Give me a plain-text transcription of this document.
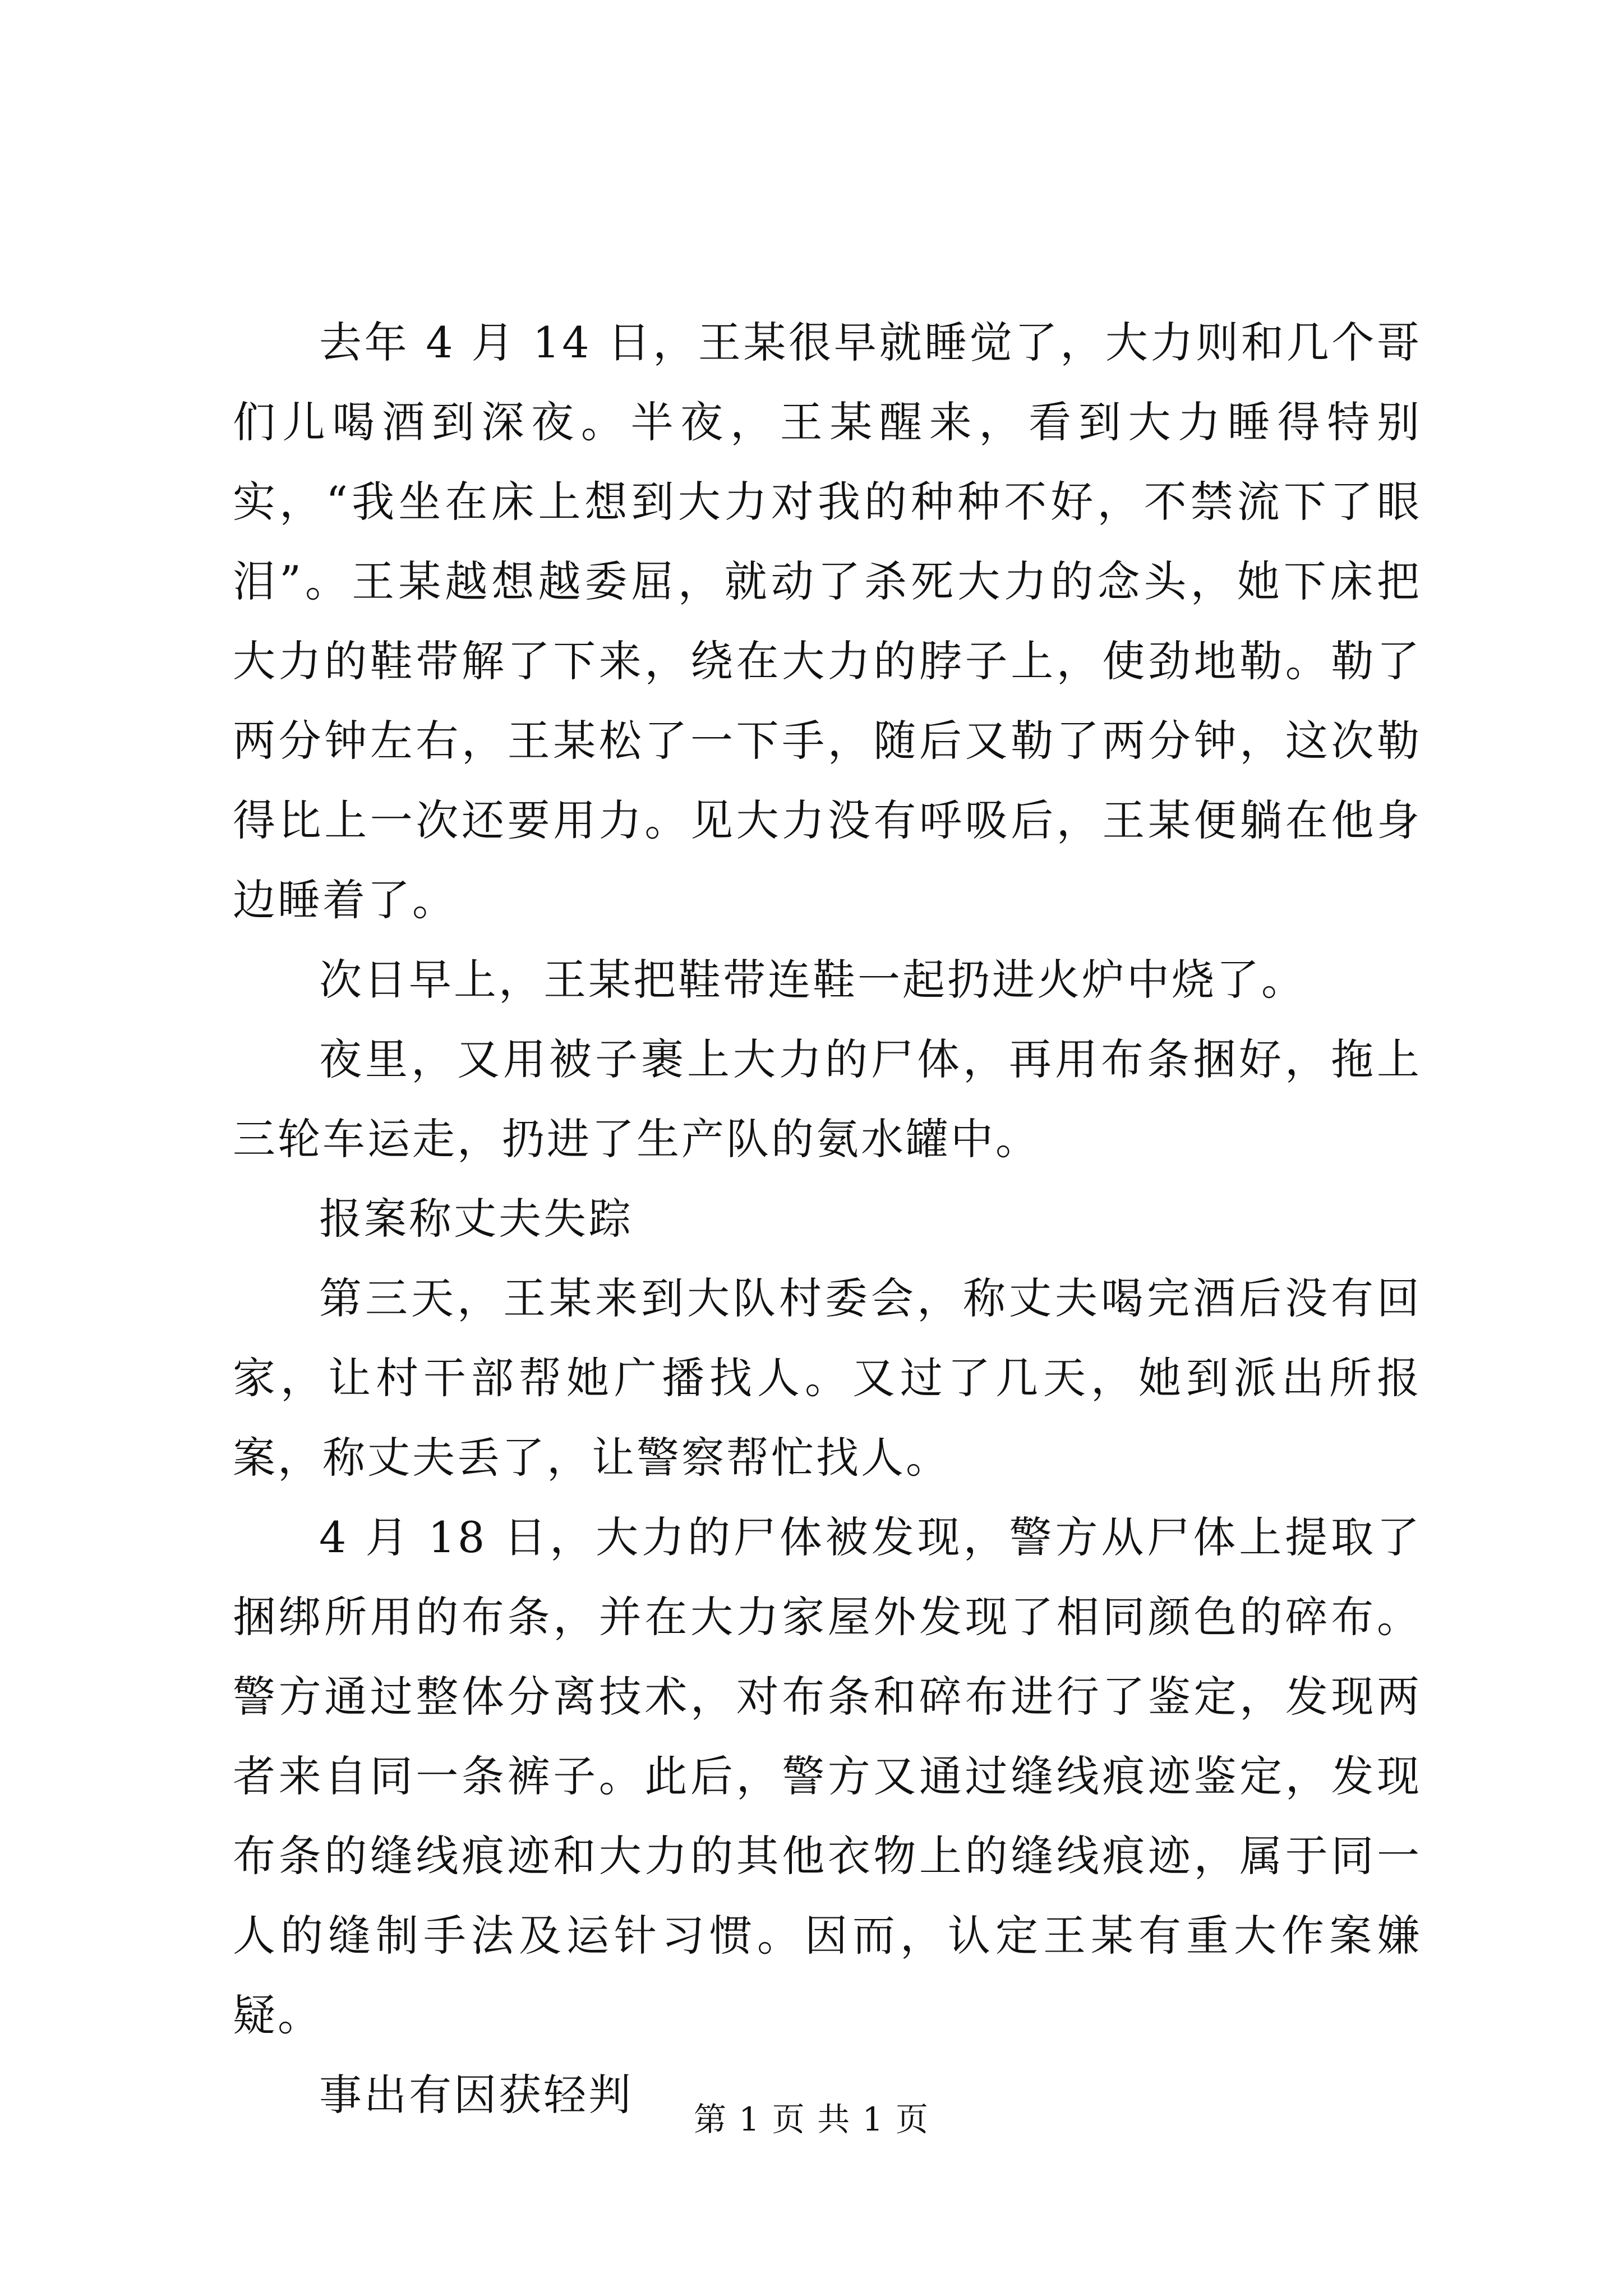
去年 4 月 14 日，王某很早就睡觉了，大力则和几个哥们儿喝酒到深夜。半夜，王某醒来，看到大力睡得特别实，“我坐在床上想到大力对我的种种不好，不禁流下了眼泪”。王某越想越委屈，就动了杀死大力的念头，她下床把大力的鞋带解了下来，绕在大力的脖子上，使劲地勒。勒了两分钟左右，王某松了一下手，随后又勒了两分钟，这次勒得比上一次还要用力。见大力没有呼吸后，王某便躺在他身边睡着了。

次日早上，王某把鞋带连鞋一起扔进火炉中烧了。

夜里，又用被子裹上大力的尸体，再用布条捆好，拖上三轮车运走，扔进了生产队的氨水罐中。

报案称丈夫失踪

第三天，王某来到大队村委会，称丈夫喝完酒后没有回家，让村干部帮她广播找人。又过了几天，她到派出所报案，称丈夫丢了，让警察帮忙找人。

4 月 18 日，大力的尸体被发现，警方从尸体上提取了捆绑所用的布条，并在大力家屋外发现了相同颜色的碎布。警方通过整体分离技术，对布条和碎布进行了鉴定，发现两者来自同一条裤子。此后，警方又通过缝线痕迹鉴定，发现布条的缝线痕迹和大力的其他衣物上的缝线痕迹，属于同一人的缝制手法及运针习惯。因而，认定王某有重大作案嫌疑。

事出有因获轻判	第 1 页 共 1 页
